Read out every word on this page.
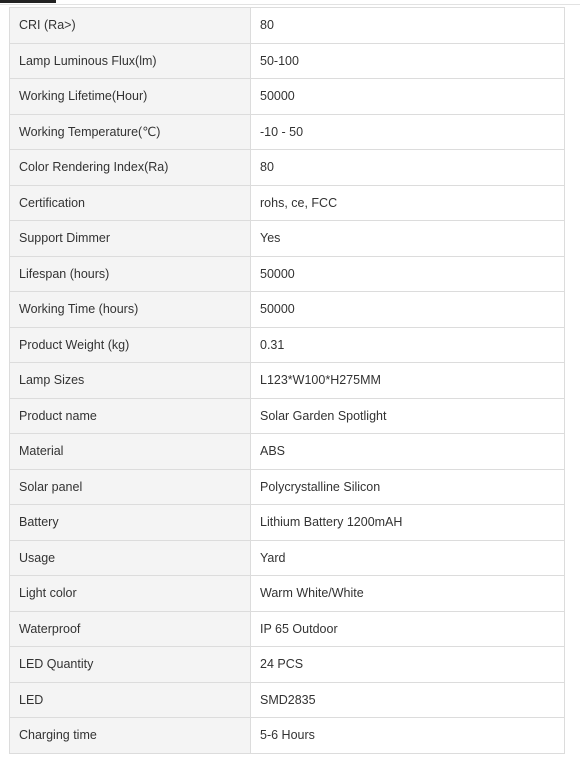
CRI (Ra>)	80
Lamp Luminous Flux(lm)	50-100
Working Lifetime(Hour)	50000
Working Temperature(℃)	-10 - 50
Color Rendering Index(Ra)	80
Certification	rohs, ce, FCC
Support Dimmer	Yes
Lifespan (hours)	50000
Working Time (hours)	50000
Product Weight (kg)	0.31
Lamp Sizes	L123*W100*H275MM
Product name	Solar Garden Spotlight
Material	ABS
Solar panel	Polycrystalline Silicon
Battery	Lithium Battery 1200mAH
Usage	Yard
Light color	Warm White/White
Waterproof	IP 65 Outdoor
LED Quantity	24 PCS
LED	SMD2835
Charging time	5-6 Hours
